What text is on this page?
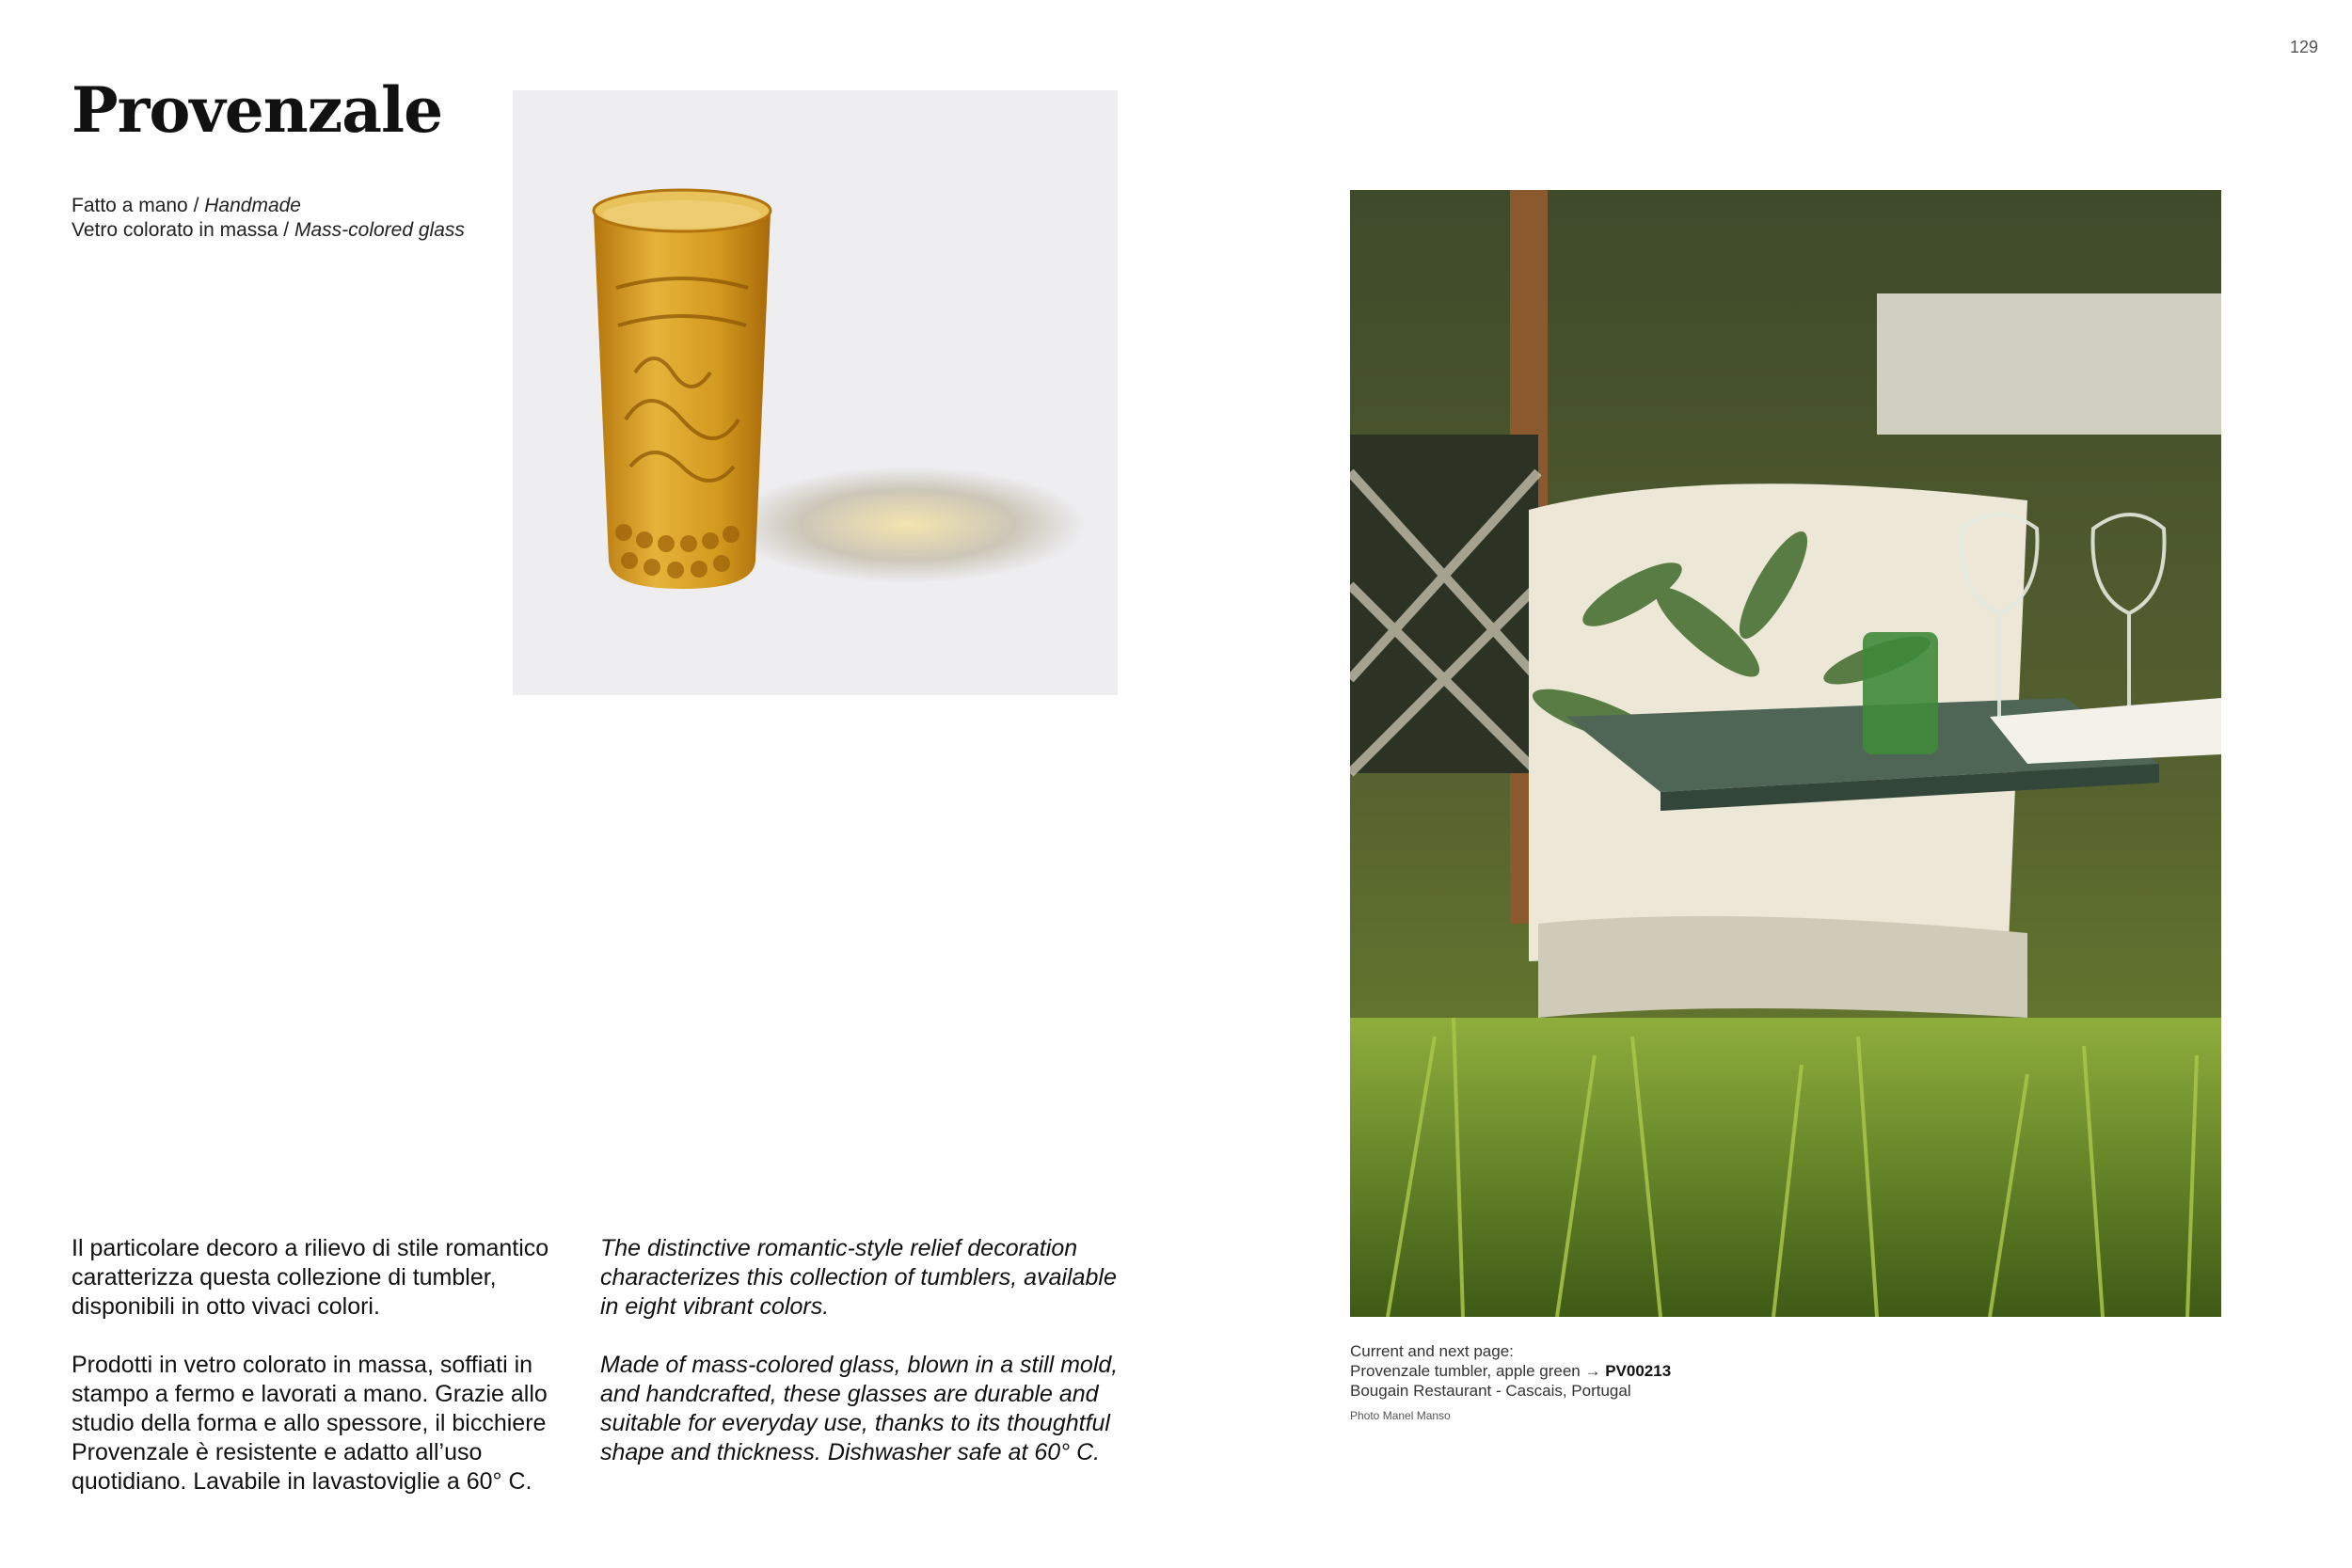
129
Provenzale
Fatto a mano / Handmade
Vetro colorato in massa / Mass-colored glass

Il particolare decoro a rilievo di stile romantico caratterizza questa collezione di tumbler, disponibili in otto vivaci colori.

Prodotti in vetro colorato in massa, soffiati in stampo a fermo e lavorati a mano. Grazie allo studio della forma e allo spessore, il bicchiere Provenzale è resistente e adatto all’uso quotidiano. Lavabile in lavastoviglie a 60° C.

The distinctive romantic-style relief decoration characterizes this collection of tumblers, available in eight vibrant colors.

Made of mass-colored glass, blown in a still mold, and handcrafted, these glasses are durable and suitable for everyday use, thanks to its thoughtful shape and thickness. Dishwasher safe at 60° C.

Current and next page:
Provenzale tumbler, apple green → PV00213
Bougain Restaurant - Cascais, Portugal
Photo Manel Manso
